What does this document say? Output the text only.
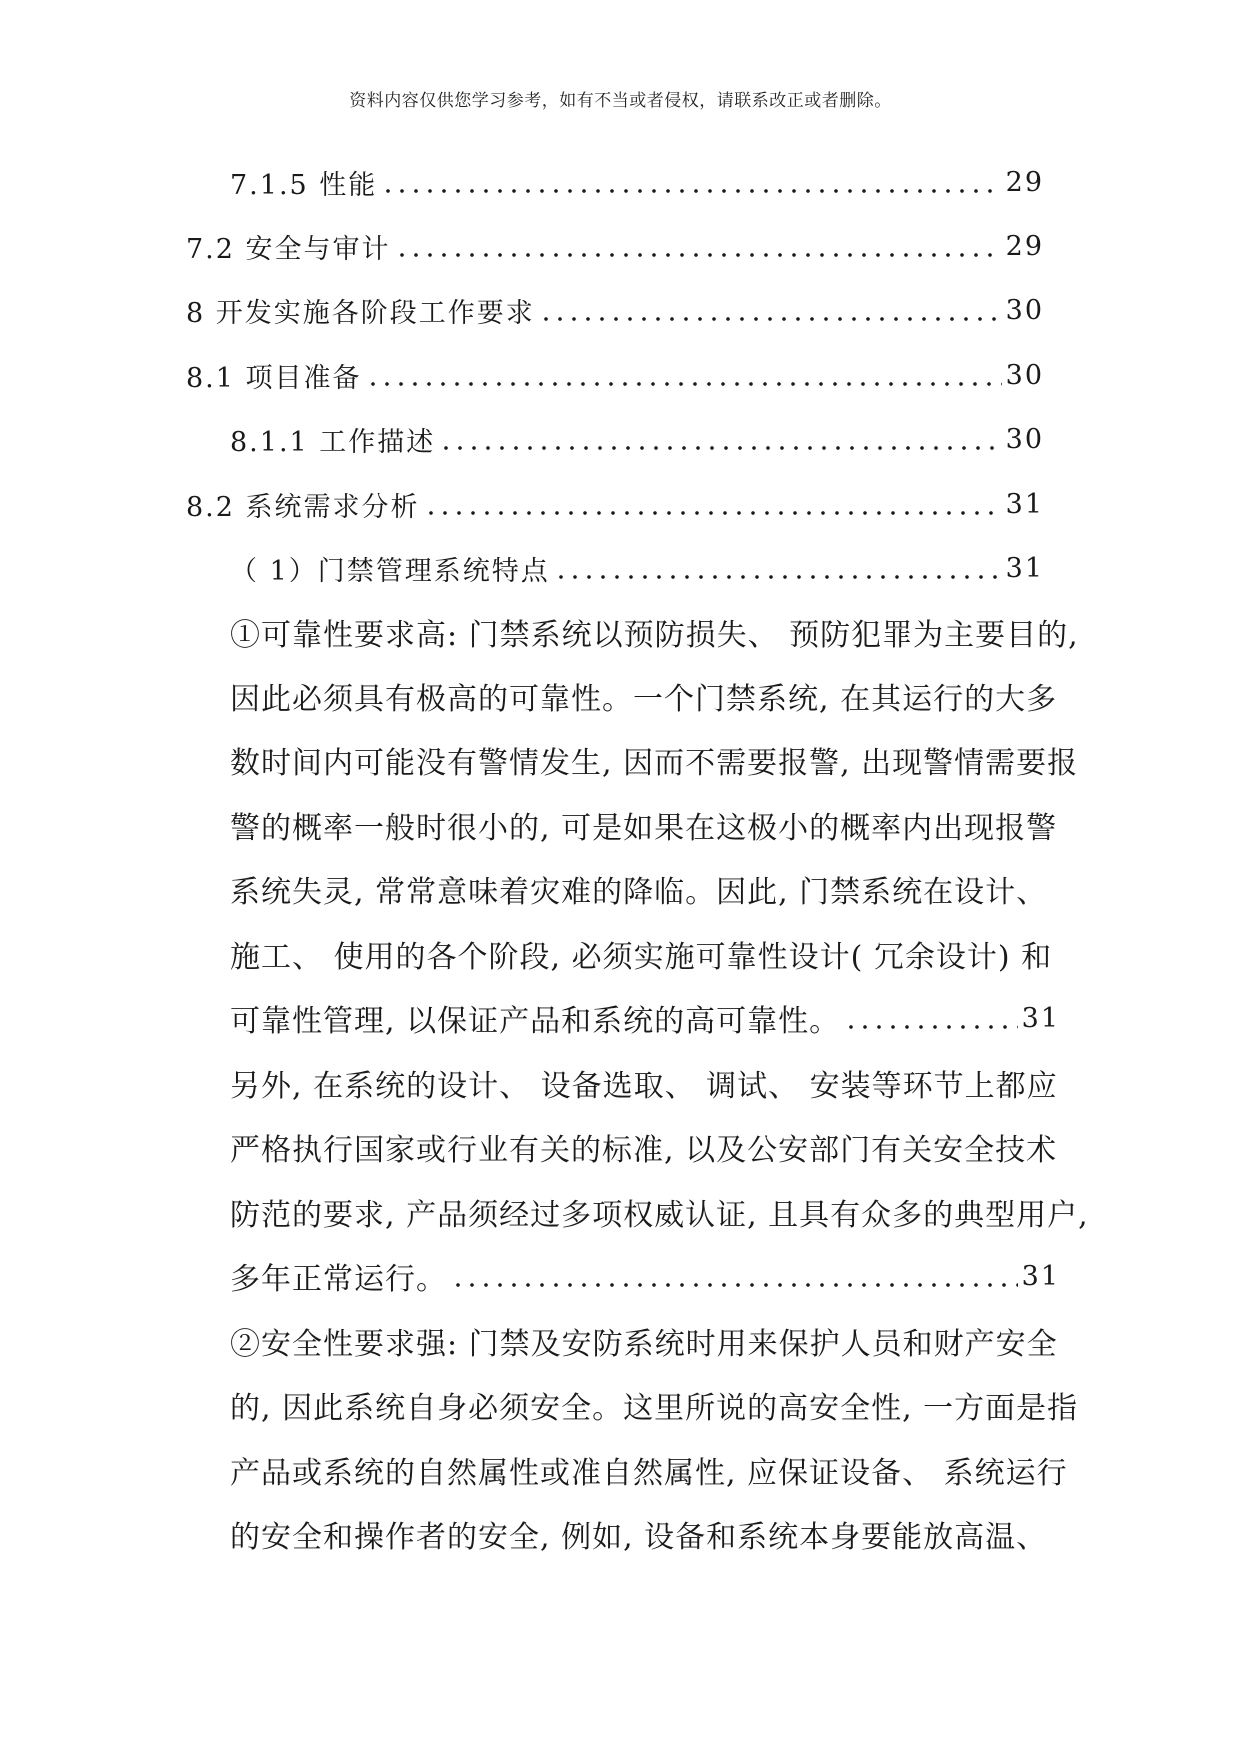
资料内容仅供您学习参考，如有不当或者侵权，请联系改正或者删除。
7.1.5 性能	29
7.2 安全与审计	29
8 开发实施各阶段工作要求	30
8.1 项目准备	30
8.1.1 工作描述	30
8.2 系统需求分析	31
（ 1）门禁管理系统特点	31
①可靠性要求高: 门禁系统以预防损失、 预防犯罪为主要目的,
因此必须具有极高的可靠性。一个门禁系统, 在其运行的大多
数时间内可能没有警情发生, 因而不需要报警, 出现警情需要报
警的概率一般时很小的, 可是如果在这极小的概率内出现报警
系统失灵, 常常意味着灾难的降临。因此, 门禁系统在设计、
施工、 使用的各个阶段, 必须实施可靠性设计( 冗余设计) 和
可靠性管理, 以保证产品和系统的高可靠性。	31
另外, 在系统的设计、 设备选取、 调试、 安装等环节上都应
严格执行国家或行业有关的标准, 以及公安部门有关安全技术
防范的要求, 产品须经过多项权威认证, 且具有众多的典型用户,
多年正常运行。	31
②安全性要求强: 门禁及安防系统时用来保护人员和财产安全
的, 因此系统自身必须安全。这里所说的高安全性, 一方面是指
产品或系统的自然属性或准自然属性, 应保证设备、 系统运行
的安全和操作者的安全, 例如, 设备和系统本身要能放高温、
